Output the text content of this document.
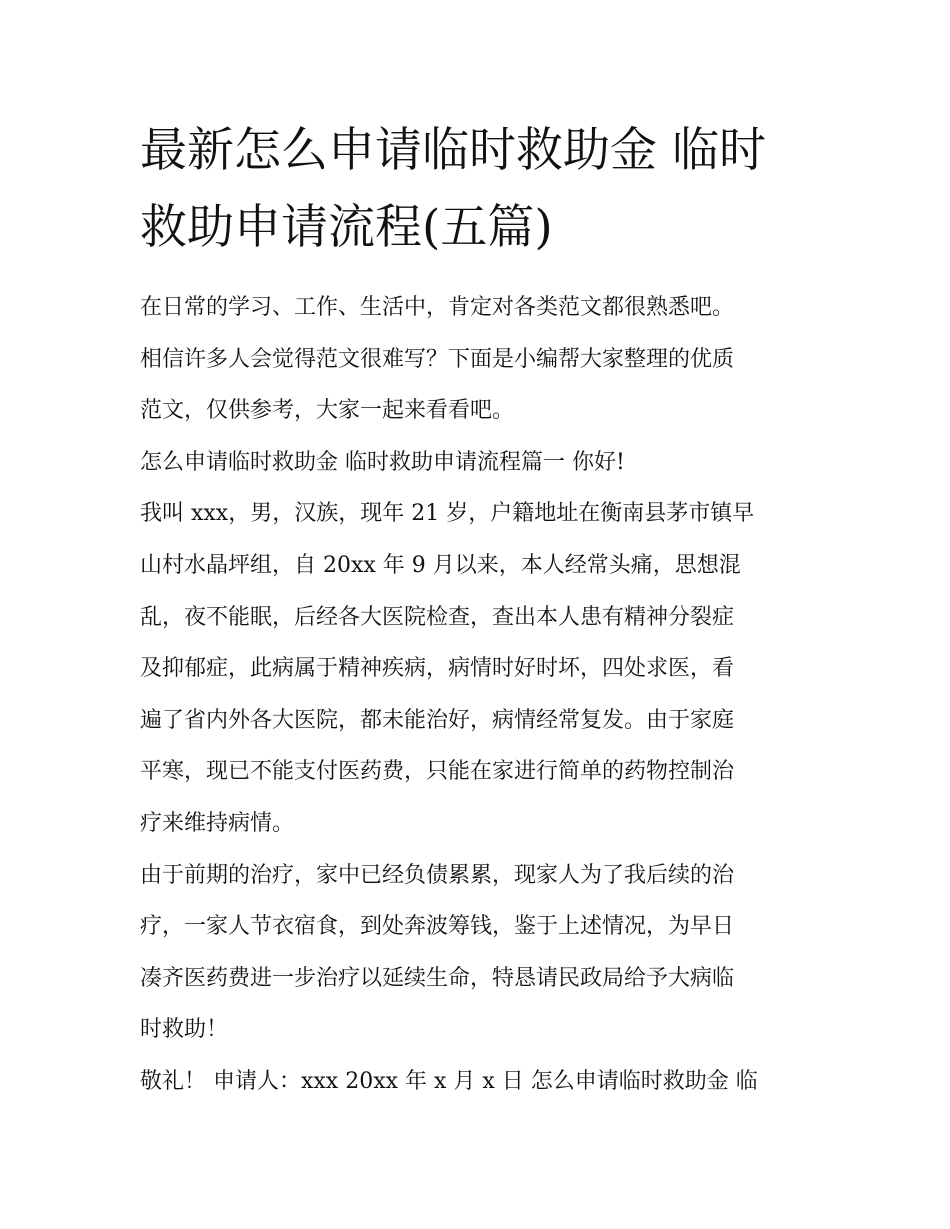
最新怎么申请临时救助金 临时
救助申请流程(五篇)

在日常的学习、工作、生活中，肯定对各类范文都很熟悉吧。
相信许多人会觉得范文很难写？下面是小编帮大家整理的优质
范文，仅供参考，大家一起来看看吧。

怎么申请临时救助金 临时救助申请流程篇一 你好!

我叫 xxx，男，汉族，现年 21 岁，户籍地址在衡南县茅市镇早
山村水晶坪组，自 20xx 年 9 月以来，本人经常头痛，思想混
乱，夜不能眠，后经各大医院检查，查出本人患有精神分裂症
及抑郁症，此病属于精神疾病，病情时好时坏，四处求医，看
遍了省内外各大医院，都未能治好，病情经常复发。由于家庭
平寒，现已不能支付医药费，只能在家进行简单的药物控制治
疗来维持病情。

由于前期的治疗，家中已经负债累累，现家人为了我后续的治
疗，一家人节衣宿食，到处奔波筹钱，鉴于上述情况，为早日
凑齐医药费进一步治疗以延续生命，特恳请民政局给予大病临
时救助！

敬礼！ 申请人：xxx 20xx 年 x 月 x 日 怎么申请临时救助金 临
